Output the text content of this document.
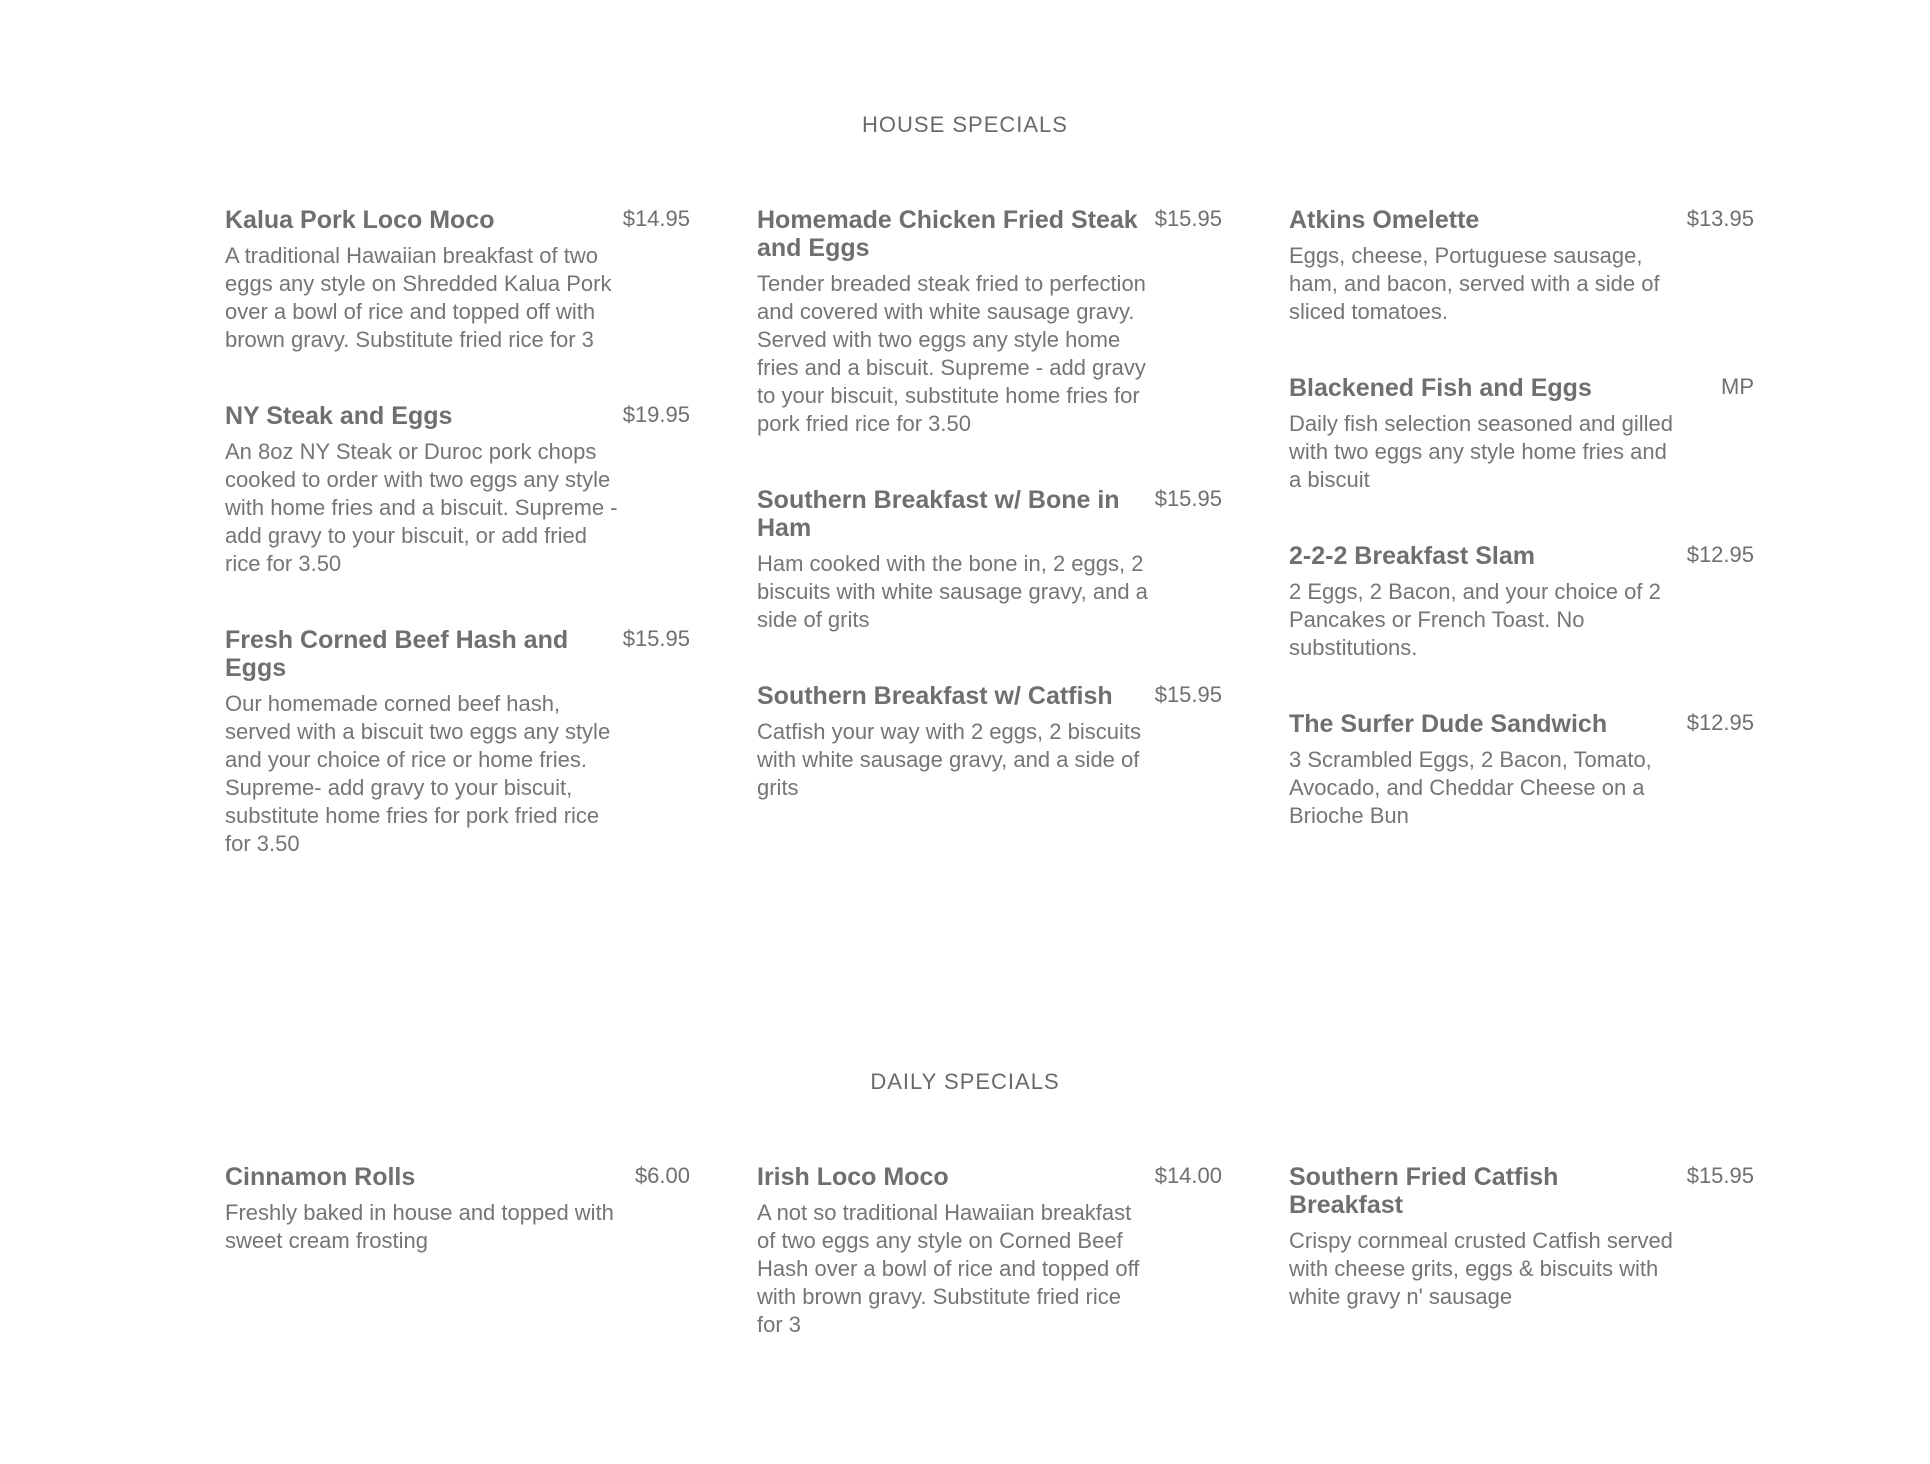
HOUSE SPECIALS
Kalua Pork Loco Moco	$14.95
A traditional Hawaiian breakfast of two eggs any style on Shredded Kalua Pork over a bowl of rice and topped off with brown gravy. Substitute fried rice for 3
NY Steak and Eggs	$19.95
An 8oz NY Steak or Duroc pork chops cooked to order with two eggs any style with home fries and a biscuit. Supreme - add gravy to your biscuit, or add fried rice for 3.50
Fresh Corned Beef Hash and Eggs
$15.95
Our homemade corned beef hash, served with a biscuit two eggs any style and your choice of rice or home fries. Supreme- add gravy to your biscuit, substitute home fries for pork fried rice for 3.50
Homemade Chicken Fried Steak and Eggs
$15.95
Tender breaded steak fried to perfection and covered with white sausage gravy. Served with two eggs any style home fries and a biscuit. Supreme - add gravy to your biscuit, substitute home fries for pork fried rice for 3.50
Southern Breakfast w/ Bone in Ham
$15.95
Ham cooked with the bone in, 2 eggs, 2 biscuits with white sausage gravy, and a side of grits
Southern Breakfast w/ Catfish	$15.95
Catfish your way with 2 eggs, 2 biscuits with white sausage gravy, and a side of grits
Atkins Omelette	$13.95
Eggs, cheese, Portuguese sausage, ham, and bacon, served with a side of sliced tomatoes.
Blackened Fish and Eggs	MP
Daily fish selection seasoned and gilled with two eggs any style home fries and a biscuit
2-2-2 Breakfast Slam	$12.95
2 Eggs, 2 Bacon, and your choice of 2 Pancakes or French Toast. No substitutions.
The Surfer Dude Sandwich	$12.95
3 Scrambled Eggs, 2 Bacon, Tomato, Avocado, and Cheddar Cheese on a Brioche Bun
DAILY SPECIALS
Cinnamon Rolls	$6.00
Freshly baked in house and topped with sweet cream frosting
Irish Loco Moco	$14.00
A not so traditional Hawaiian breakfast of two eggs any style on Corned Beef Hash over a bowl of rice and topped off with brown gravy. Substitute fried rice for 3
Southern Fried Catfish Breakfast
$15.95
Crispy cornmeal crusted Catfish served with cheese grits, eggs & biscuits with white gravy n' sausage
